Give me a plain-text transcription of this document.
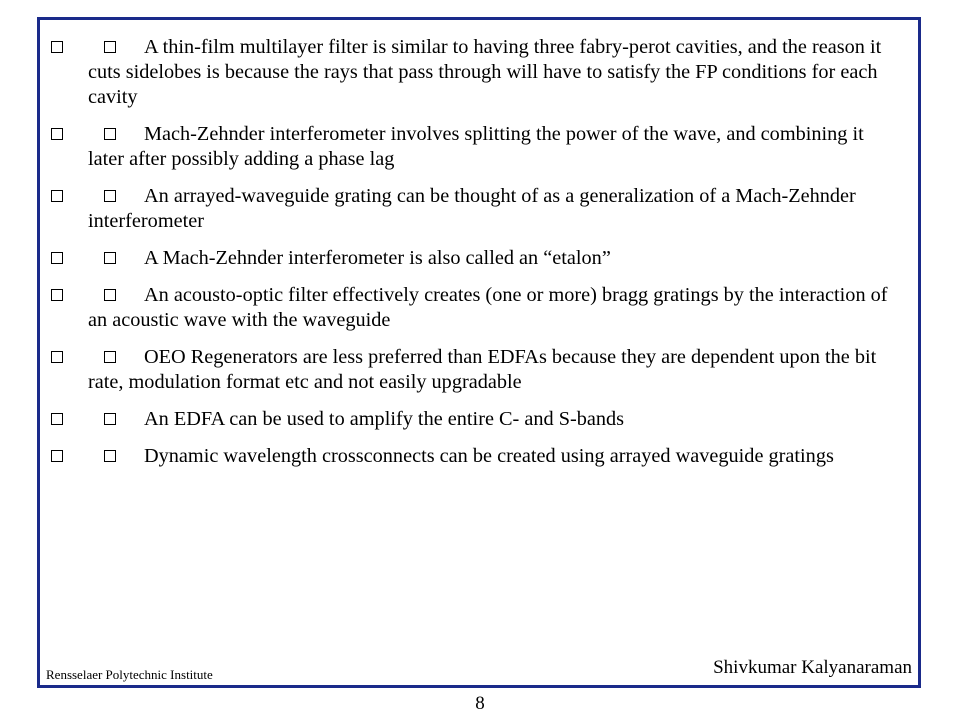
A thin-film multilayer filter is similar to having three fabry-perot cavities, and the reason it cuts sidelobes is because the rays that pass through will have to satisfy the FP conditions for each cavity
Mach-Zehnder interferometer involves splitting the power of the wave, and combining it later after possibly adding a phase lag
An arrayed-waveguide grating can be thought of as a generalization of a Mach-Zehnder interferometer
A Mach-Zehnder interferometer is also called an “etalon”
An acousto-optic filter effectively creates (one or more) bragg gratings by the interaction of an acoustic wave with the waveguide
OEO Regenerators are less preferred than EDFAs because they are dependent upon the bit rate, modulation format etc and not easily upgradable
An EDFA can be used to amplify the entire C- and S-bands
Dynamic wavelength crossconnects can be created using arrayed waveguide gratings
Rensselaer Polytechnic Institute	Shivkumar Kalyanaraman
8
